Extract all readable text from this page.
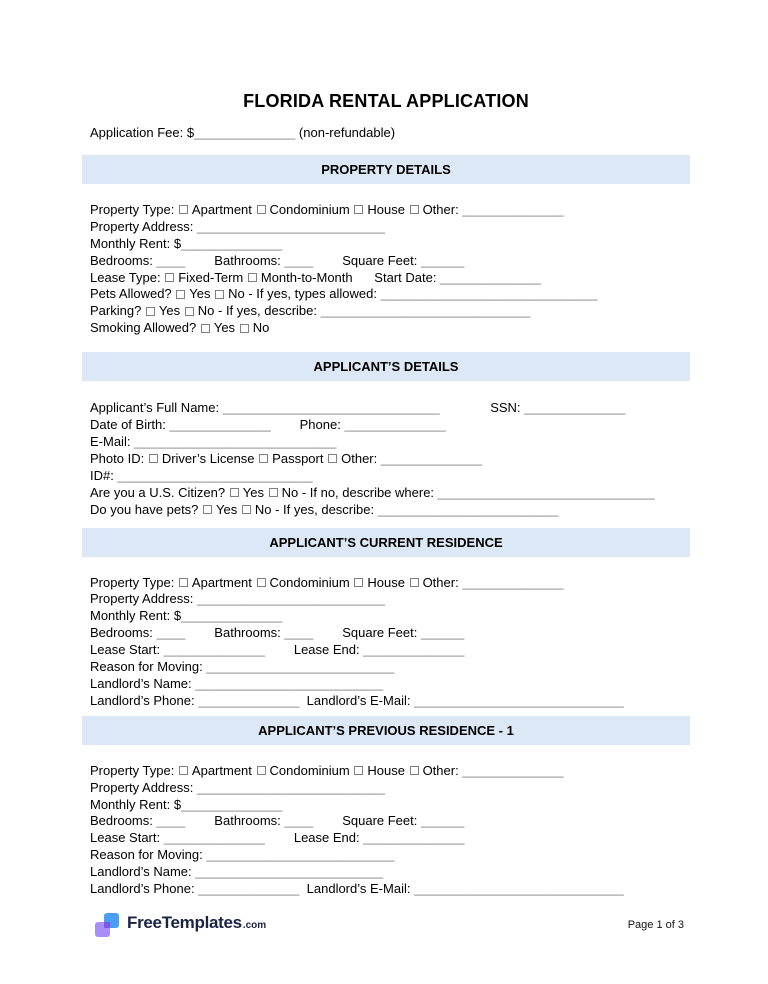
FLORIDA RENTAL APPLICATION
Application Fee: $______________ (non-refundable)
PROPERTY DETAILS
Property Type: Apartment Condominium House Other: ______________
Property Address: __________________________
Monthly Rent: $______________
Bedrooms: ____        Bathrooms: ____        Square Feet: ______
Lease Type: Fixed-Term Month-to-Month      Start Date: ______________
Pets Allowed? Yes No - If yes, types allowed: ______________________________
Parking? Yes No - If yes, describe: _____________________________
Smoking Allowed? Yes No
APPLICANT’S DETAILS
Applicant’s Full Name: ______________________________              SSN: ______________
Date of Birth: ______________        Phone: ______________
E-Mail: ____________________________
Photo ID: Driver’s License Passport Other: ______________
ID#: ___________________________
Are you a U.S. Citizen? Yes No - If no, describe where: ______________________________
Do you have pets? Yes No - If yes, describe: _________________________
APPLICANT’S CURRENT RESIDENCE
Property Type: Apartment Condominium House Other: ______________
Property Address: __________________________
Monthly Rent: $______________
Bedrooms: ____        Bathrooms: ____        Square Feet: ______
Lease Start: ______________        Lease End: ______________
Reason for Moving: __________________________
Landlord’s Name: __________________________
Landlord’s Phone: ______________  Landlord’s E-Mail: _____________________________
APPLICANT’S PREVIOUS RESIDENCE - 1
Property Type: Apartment Condominium House Other: ______________
Property Address: __________________________
Monthly Rent: $______________
Bedrooms: ____        Bathrooms: ____        Square Feet: ______
Lease Start: ______________        Lease End: ______________
Reason for Moving: __________________________
Landlord’s Name: __________________________
Landlord’s Phone: ______________  Landlord’s E-Mail: _____________________________
FreeTemplates.com	Page 1 of 3
